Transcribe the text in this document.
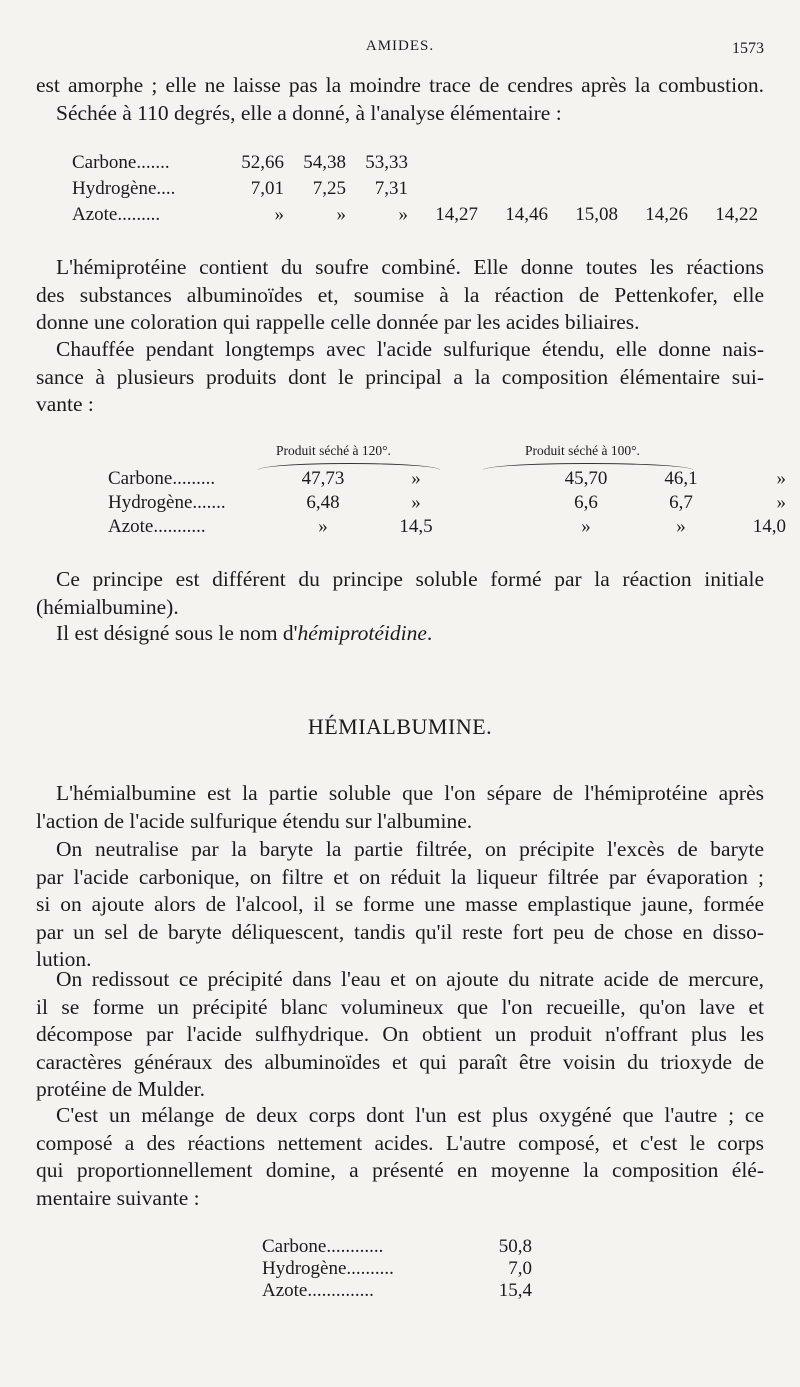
AMIDES.	1573
est amorphe ; elle ne laisse pas la moindre trace de cendres après la combustion.
Séchée à 110 degrés, elle a donné, à l'analyse élémentaire :
Carbone.......	52,66	54,38	53,33					
Hydrogène....	7,01	7,25	7,31					
Azote.........	»	»	»	14,27	14,46	15,08	14,26	14,22
L'hémiprotéine contient du soufre combiné. Elle donne toutes les réactions
des substances albuminoïdes et, soumise à la réaction de Pettenkofer, elle
donne une coloration qui rappelle celle donnée par les acides biliaires.
Chauffée pendant longtemps avec l'acide sulfurique étendu, elle donne nais-
sance à plusieurs produits dont le principal a la composition élémentaire sui-
vante :
Produit séché à 120°.	Produit séché à 100°.
Carbone.........	47,73	»		45,70	46,1	»
Hydrogène.......	6,48	»		6,6	6,7	»
Azote...........	»	14,5		»	»	14,0
Ce principe est différent du principe soluble formé par la réaction initiale
(hémialbumine).
Il est désigné sous le nom d'hémiprotéidine.
HÉMIALBUMINE.
L'hémialbumine est la partie soluble que l'on sépare de l'hémiprotéine après
l'action de l'acide sulfurique étendu sur l'albumine.
On neutralise par la baryte la partie filtrée, on précipite l'excès de baryte
par l'acide carbonique, on filtre et on réduit la liqueur filtrée par évaporation ;
si on ajoute alors de l'alcool, il se forme une masse emplastique jaune, formée
par un sel de baryte déliquescent, tandis qu'il reste fort peu de chose en disso-
lution.
On redissout ce précipité dans l'eau et on ajoute du nitrate acide de mercure,
il se forme un précipité blanc volumineux que l'on recueille, qu'on lave et
décompose par l'acide sulfhydrique. On obtient un produit n'offrant plus les
caractères généraux des albuminoïdes et qui paraît être voisin du trioxyde de
protéine de Mulder.
C'est un mélange de deux corps dont l'un est plus oxygéné que l'autre ; ce
composé a des réactions nettement acides. L'autre composé, et c'est le corps
qui proportionnellement domine, a présenté en moyenne la composition élé-
mentaire suivante :
Carbone............	50,8
Hydrogène..........	7,0
Azote..............	15,4
